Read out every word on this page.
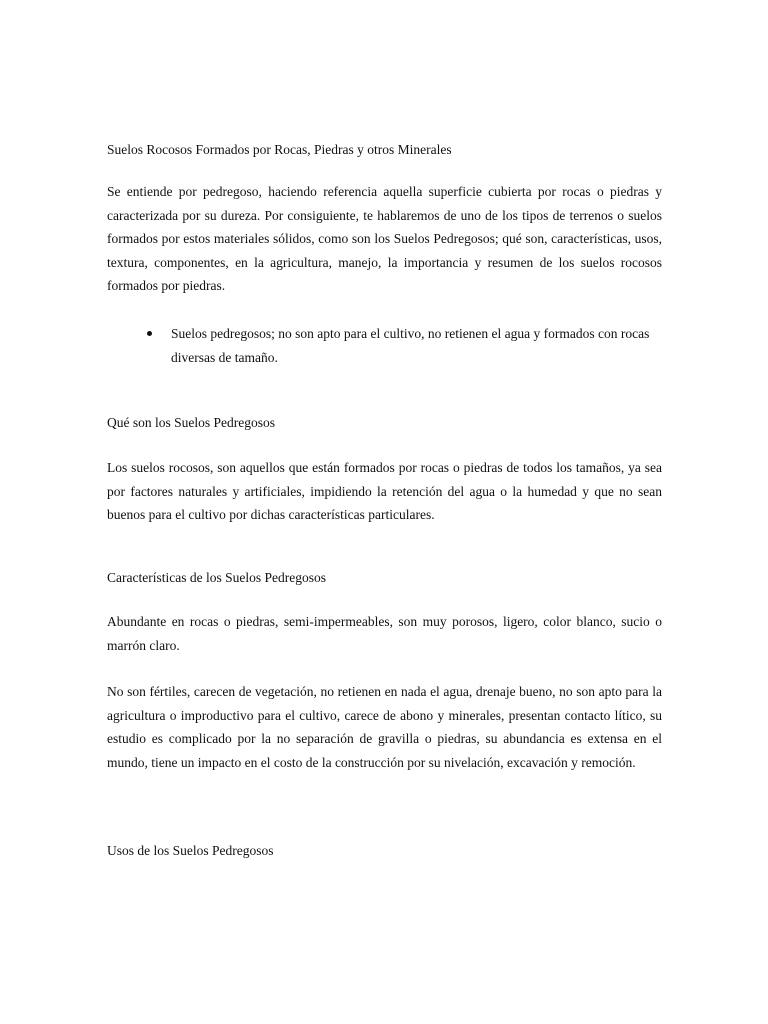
Suelos Rocosos Formados por Rocas, Piedras y otros Minerales

Se entiende por pedregoso, haciendo referencia aquella superficie cubierta por rocas o piedras y caracterizada por su dureza. Por consiguiente, te hablaremos de uno de los tipos de terrenos o suelos formados por estos materiales sólidos, como son los Suelos Pedregosos; qué son, características, usos, textura, componentes, en la agricultura, manejo, la importancia y resumen de los suelos rocosos formados por piedras.

Suelos pedregosos; no son apto para el cultivo, no retienen el agua y formados con rocas diversas de tamaño.
Qué son los Suelos Pedregosos

Los suelos rocosos, son aquellos que están formados por rocas o piedras de todos los tamaños, ya sea por factores naturales y artificiales, impidiendo la retención del agua o la humedad y que no sean buenos para el cultivo por dichas características particulares.

Características de los Suelos Pedregosos

Abundante en rocas o piedras, semi-impermeables, son muy porosos, ligero, color blanco, sucio o marrón claro.

No son fértiles, carecen de vegetación, no retienen en nada el agua, drenaje bueno, no son apto para la agricultura o improductivo para el cultivo, carece de abono y minerales, presentan contacto lítico, su estudio es complicado por la no separación de gravilla o piedras, su abundancia es extensa en el mundo, tiene un impacto en el costo de la construcción por su nivelación, excavación y remoción.

Usos de los Suelos Pedregosos
